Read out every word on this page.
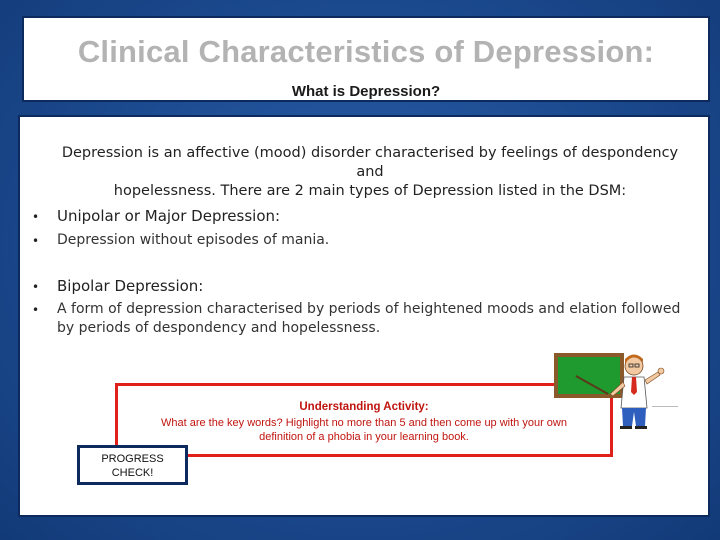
Clinical Characteristics of Depression:
What is Depression?
Depression is an affective (mood) disorder characterised by feelings of despondency and
hopelessness. There are 2 main types of Depression listed in the DSM:
• Unipolar or Major Depression:
• Depression without episodes of mania.
• Bipolar Depression:
• A form of depression characterised by periods of heightened moods and elation followed
by periods of despondency and hopelessness.
Understanding Activity:
What are the key words? Highlight no more than 5 and then come up with your own
definition of a phobia in your learning book.
PROGRESS
CHECK!
